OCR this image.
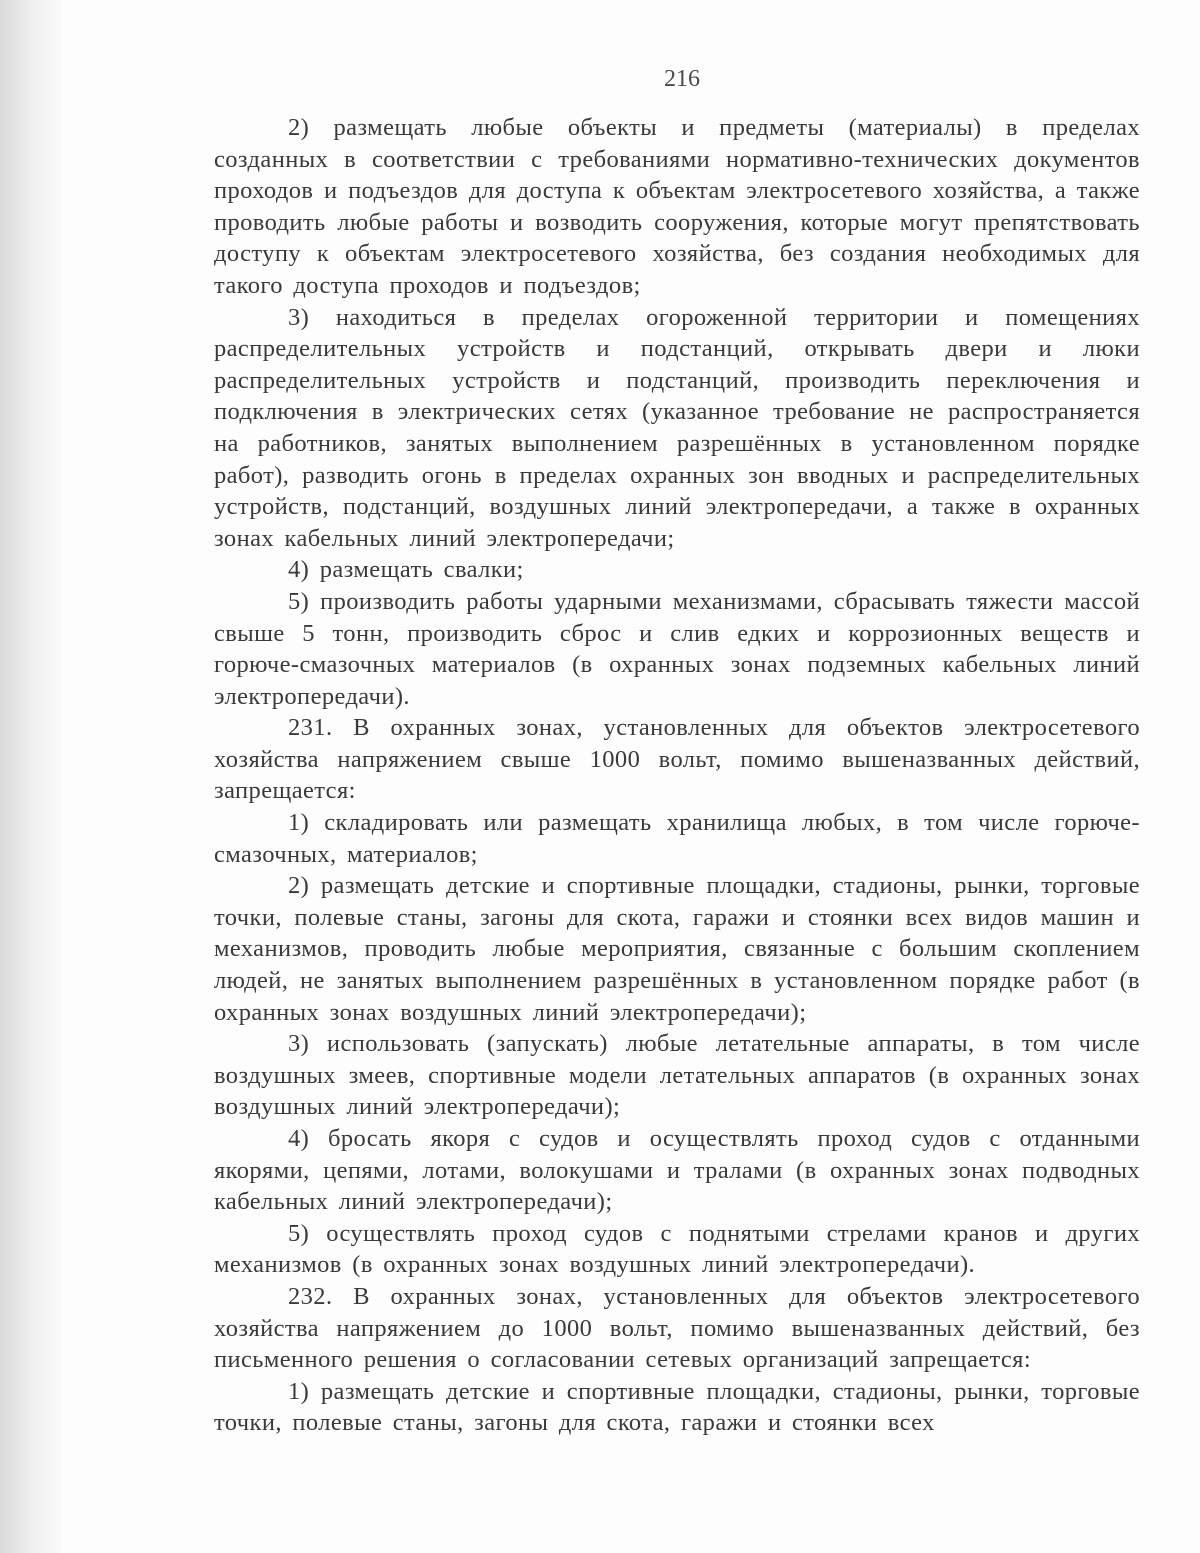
216

2) размещать любые объекты и предметы (материалы) в пределах созданных в соответствии с требованиями нормативно-технических документов проходов и подъездов для доступа к объектам электросетевого хозяйства, а также проводить любые работы и возводить сооружения, которые могут препятствовать доступу к объектам электросетевого хозяйства, без создания необходимых для такого доступа проходов и подъездов;

3) находиться в пределах огороженной территории и помещениях распределительных устройств и подстанций, открывать двери и люки распределительных устройств и подстанций, производить переключения и подключения в электрических сетях (указанное требование не распространяется на работников, занятых выполнением разрешённых в установленном порядке работ), разводить огонь в пределах охранных зон вводных и распределительных устройств, подстанций, воздушных линий электропередачи, а также в охранных зонах кабельных линий электропередачи;

4) размещать свалки;

5) производить работы ударными механизмами, сбрасывать тяжести массой свыше 5 тонн, производить сброс и слив едких и коррозионных веществ и горюче-смазочных материалов (в охранных зонах подземных кабельных линий электропередачи).

231. В охранных зонах, установленных для объектов электросетевого хозяйства напряжением свыше 1000 вольт, помимо вышеназванных действий, запрещается:

1) складировать или размещать хранилища любых, в том числе горюче-смазочных, материалов;

2) размещать детские и спортивные площадки, стадионы, рынки, торговые точки, полевые станы, загоны для скота, гаражи и стоянки всех видов машин и механизмов, проводить любые мероприятия, связанные с большим скоплением людей, не занятых выполнением разрешённых в установленном порядке работ (в охранных зонах воздушных линий электропередачи);

3) использовать (запускать) любые летательные аппараты, в том числе воздушных змеев, спортивные модели летательных аппаратов (в охранных зонах воздушных линий электропередачи);

4) бросать якоря с судов и осуществлять проход судов с отданными якорями, цепями, лотами, волокушами и тралами (в охранных зонах подводных кабельных линий электропередачи);

5) осуществлять проход судов с поднятыми стрелами кранов и других механизмов (в охранных зонах воздушных линий электропередачи).

232. В охранных зонах, установленных для объектов электросетевого хозяйства напряжением до 1000 вольт, помимо вышеназванных действий, без письменного решения о согласовании сетевых организаций запрещается:

1) размещать детские и спортивные площадки, стадионы, рынки, торговые точки, полевые станы, загоны для скота, гаражи и стоянки всех
